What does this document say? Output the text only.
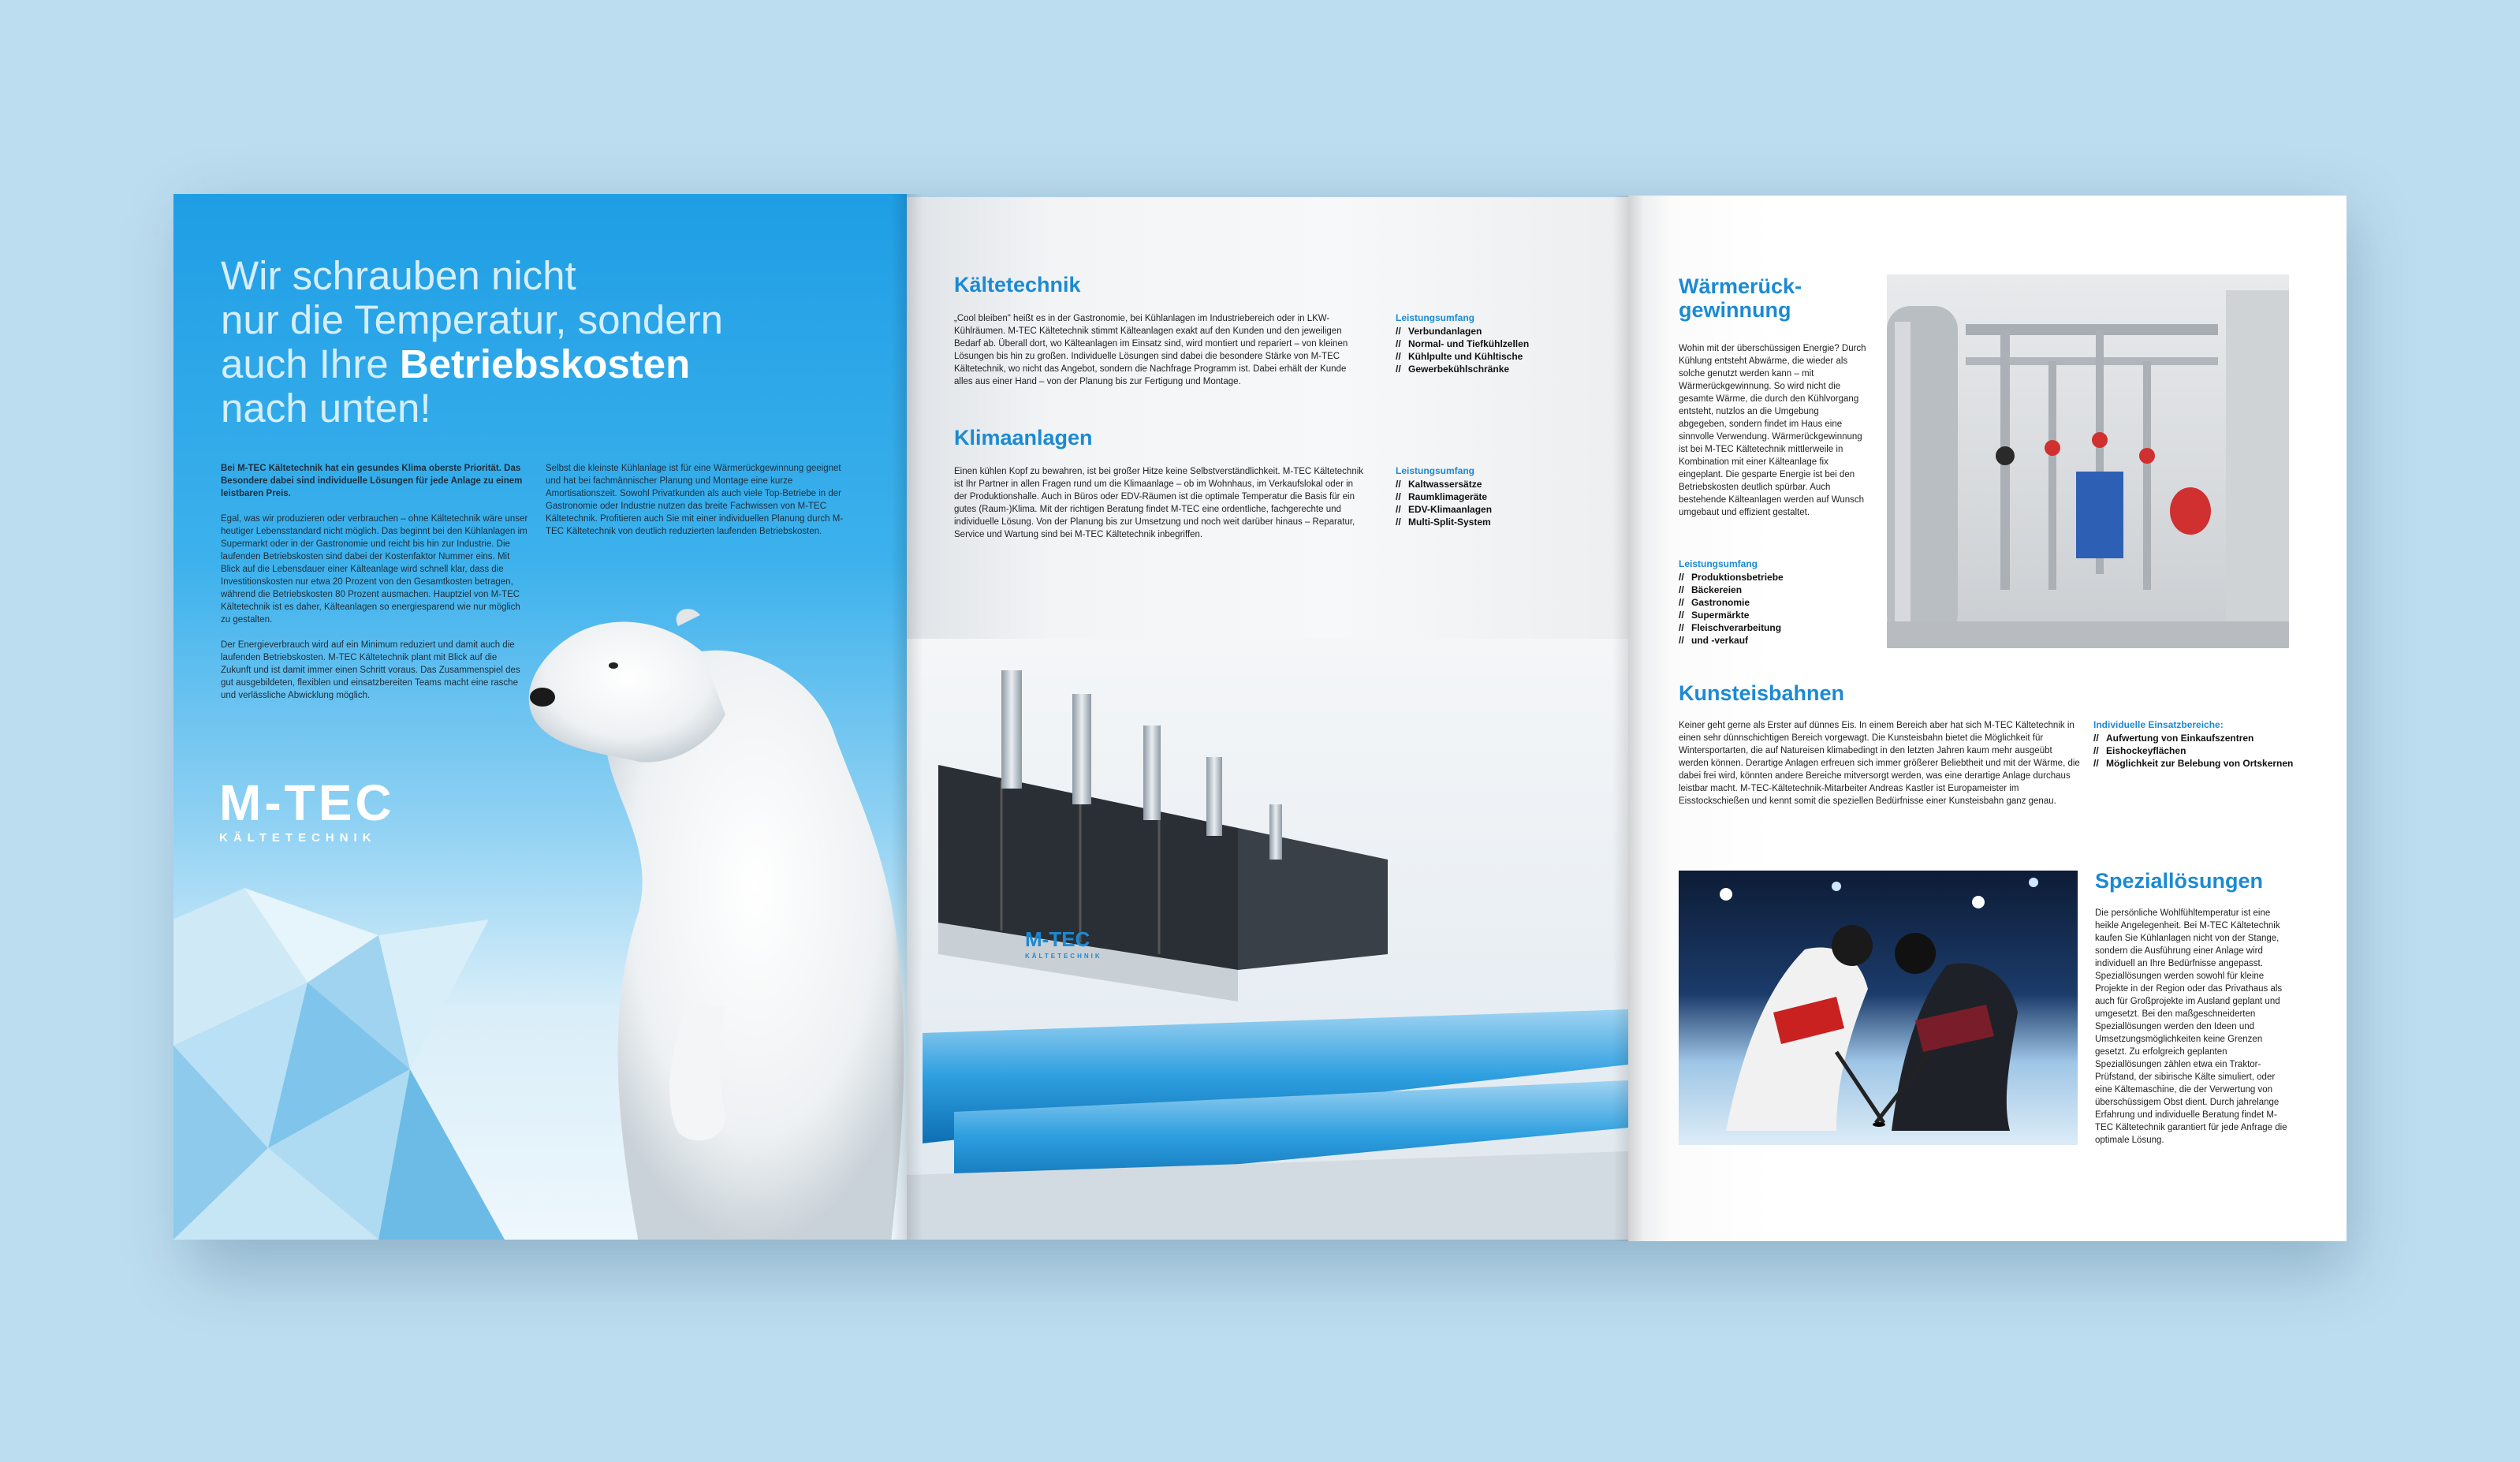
Wir schrauben nicht
nur die Temperatur, sondern
auch Ihre Betriebskosten
nach unten!

Bei M-TEC Kältetechnik hat ein gesundes Klima oberste Priorität. Das Besondere dabei sind individuelle Lösungen für jede Anlage zu einem leistbaren Preis.

Egal, was wir produzieren oder verbrauchen – ohne Kältetechnik wäre unser heutiger Lebensstandard nicht möglich. Das beginnt bei den Kühlanlagen im Supermarkt oder in der Gastronomie und reicht bis hin zur Industrie. Die laufenden Betriebskosten sind dabei der Kostenfaktor Nummer eins. Mit Blick auf die Lebensdauer einer Kälteanlage wird schnell klar, dass die Investitionskosten nur etwa 20 Prozent von den Gesamtkosten betragen, während die Betriebskosten 80 Prozent ausmachen. Hauptziel von M-TEC Kältetechnik ist es daher, Kälteanlagen so energiesparend wie nur möglich zu gestalten.

Der Energieverbrauch wird auf ein Minimum reduziert und damit auch die laufenden Betriebskosten. M-TEC Kältetechnik plant mit Blick auf die Zukunft und ist damit immer einen Schritt voraus. Das Zusammenspiel des gut ausgebildeten, flexiblen und einsatzbereiten Teams macht eine rasche und verlässliche Abwicklung möglich.

Selbst die kleinste Kühlanlage ist für eine Wärmerückgewinnung geeignet und hat bei fachmännischer Planung und Montage eine kurze Amortisationszeit. Sowohl Privatkunden als auch viele Top-Betriebe in der Gastronomie oder Industrie nutzen das breite Fachwissen von M-TEC Kältetechnik. Profitieren auch Sie mit einer individuellen Planung durch M-TEC Kältetechnik von deutlich reduzierten laufenden Betriebskosten.

M-TEC
KÄLTETECHNIK
Kältetechnik

„Cool bleiben" heißt es in der Gastronomie, bei Kühlanlagen im Industriebereich oder in LKW-Kühlräumen. M-TEC Kältetechnik stimmt Kälteanlagen exakt auf den Kunden und den jeweiligen Bedarf ab. Überall dort, wo Kälteanlagen im Einsatz sind, wird montiert und repariert – von kleinen Lösungen bis hin zu großen. Individuelle Lösungen sind dabei die besondere Stärke von M-TEC Kältetechnik, wo nicht das Angebot, sondern die Nachfrage Programm ist. Dabei erhält der Kunde alles aus einer Hand – von der Planung bis zur Fertigung und Montage.

Leistungsumfang

// Verbundanlagen
// Normal- und Tiefkühlzellen
// Kühlpulte und Kühltische
// Gewerbekühlschränke
Klimaanlagen

Einen kühlen Kopf zu bewahren, ist bei großer Hitze keine Selbstverständlichkeit. M-TEC Kältetechnik ist Ihr Partner in allen Fragen rund um die Klimaanlage – ob im Wohnhaus, im Verkaufslokal oder in der Produktionshalle. Auch in Büros oder EDV-Räumen ist die optimale Temperatur die Basis für ein gutes (Raum-)Klima. Mit der richtigen Beratung findet M-TEC eine ordentliche, fachgerechte und individuelle Lösung. Von der Planung bis zur Umsetzung und noch weit darüber hinaus – Reparatur, Service und Wartung sind bei M-TEC Kältetechnik inbegriffen.

Leistungsumfang

// Kaltwassersätze
// Raumklimageräte
// EDV-Klimaanlagen
// Multi-Split-System
M-TEC
KÄLTETECHNIK
Wärmerück-
gewinnung

Wohin mit der überschüssigen Energie? Durch Kühlung entsteht Abwärme, die wieder als solche genutzt werden kann – mit Wärmerückgewinnung. So wird nicht die gesamte Wärme, die durch den Kühlvorgang entsteht, nutzlos an die Umgebung abgegeben, sondern findet im Haus eine sinnvolle Verwendung. Wärmerückgewinnung ist bei M-TEC Kältetechnik mittlerweile in Kombination mit einer Kälteanlage fix eingeplant. Die gesparte Energie ist bei den Betriebskosten deutlich spürbar. Auch bestehende Kälteanlagen werden auf Wunsch umgebaut und effizient gestaltet.

Leistungsumfang

// Produktionsbetriebe
// Bäckereien
// Gastronomie
// Supermärkte
// Fleischverarbeitung
// und -verkauf
Kunsteisbahnen

Keiner geht gerne als Erster auf dünnes Eis. In einem Bereich aber hat sich M-TEC Kältetechnik in einen sehr dünnschichtigen Bereich vorgewagt. Die Kunsteisbahn bietet die Möglichkeit für Wintersportarten, die auf Natureisen klimabedingt in den letzten Jahren kaum mehr ausgeübt werden können. Derartige Anlagen erfreuen sich immer größerer Beliebtheit und mit der Wärme, die dabei frei wird, könnten andere Bereiche mitversorgt werden, was eine derartige Anlage durchaus leistbar macht. M-TEC-Kältetechnik-Mitarbeiter Andreas Kastler ist Europameister im Eisstockschießen und kennt somit die speziellen Bedürfnisse einer Kunsteisbahn ganz genau.

Individuelle Einsatzbereiche:

// Aufwertung von Einkaufszentren
// Eishockeyflächen
// Möglichkeit zur Belebung von Ortskernen
Speziallösungen

Die persönliche Wohlfühltemperatur ist eine heikle Angelegenheit. Bei M-TEC Kältetechnik kaufen Sie Kühlanlagen nicht von der Stange, sondern die Ausführung einer Anlage wird individuell an Ihre Bedürfnisse angepasst. Speziallösungen werden sowohl für kleine Projekte in der Region oder das Privathaus als auch für Großprojekte im Ausland geplant und umgesetzt. Bei den maßgeschneiderten Speziallösungen werden den Ideen und Umsetzungsmöglichkeiten keine Grenzen gesetzt. Zu erfolgreich geplanten Speziallösungen zählen etwa ein Traktor-Prüfstand, der sibirische Kälte simuliert, oder eine Kältemaschine, die der Verwertung von überschüssigem Obst dient. Durch jahrelange Erfahrung und individuelle Beratung findet M-TEC Kältetechnik garantiert für jede Anfrage die optimale Lösung.
